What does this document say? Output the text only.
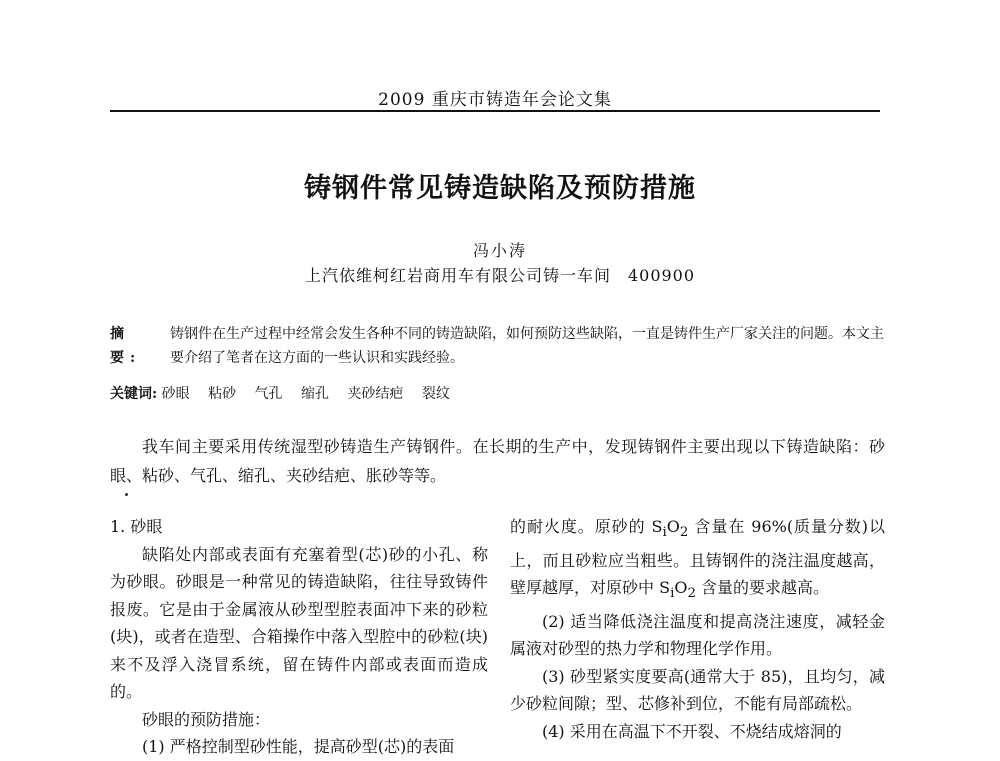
2009 重庆市铸造年会论文集
铸钢件常见铸造缺陷及预防措施
冯小涛
上汽依维柯红岩商用车有限公司铸一车间　400900
摘　要:
铸钢件在生产过程中经常会发生各种不同的铸造缺陷，如何预防这些缺陷，一直是铸件生产厂家关注的问题。本文主要介绍了笔者在这方面的一些认识和实践经验。
关键词: 砂眼 粘砂 气孔 缩孔 夹砂结疤 裂纹

我车间主要采用传统湿型砂铸造生产铸钢件。在长期的生产中，发现铸钢件主要出现以下铸造缺陷：砂眼、粘砂、气孔、缩孔、夹砂结疤、胀砂等等。

1. 砂眼

缺陷处内部或表面有充塞着型(芯)砂的小孔、称为砂眼。砂眼是一种常见的铸造缺陷，往往导致铸件报废。它是由于金属液从砂型型腔表面冲下来的砂粒(块)，或者在造型、合箱操作中落入型腔中的砂粒(块)来不及浮入浇冒系统，留在铸件内部或表面而造成的。

砂眼的预防措施：

(1) 严格控制型砂性能，提高砂型(芯)的表面

的耐火度。原砂的 $S_iO_2$ 含量在 96%(质量分数)以上，而且砂粒应当粗些。且铸钢件的浇注温度越高，壁厚越厚，对原砂中 $S_iO_2$ 含量的要求越高。

(2) 适当降低浇注温度和提高浇注速度，减轻金属液对砂型的热力学和物理化学作用。

(3) 砂型紧实度要高(通常大于 85)，且均匀，减少砂粒间隙；型、芯修补到位，不能有局部疏松。

(4) 采用在高温下不开裂、不烧结成熔洞的
